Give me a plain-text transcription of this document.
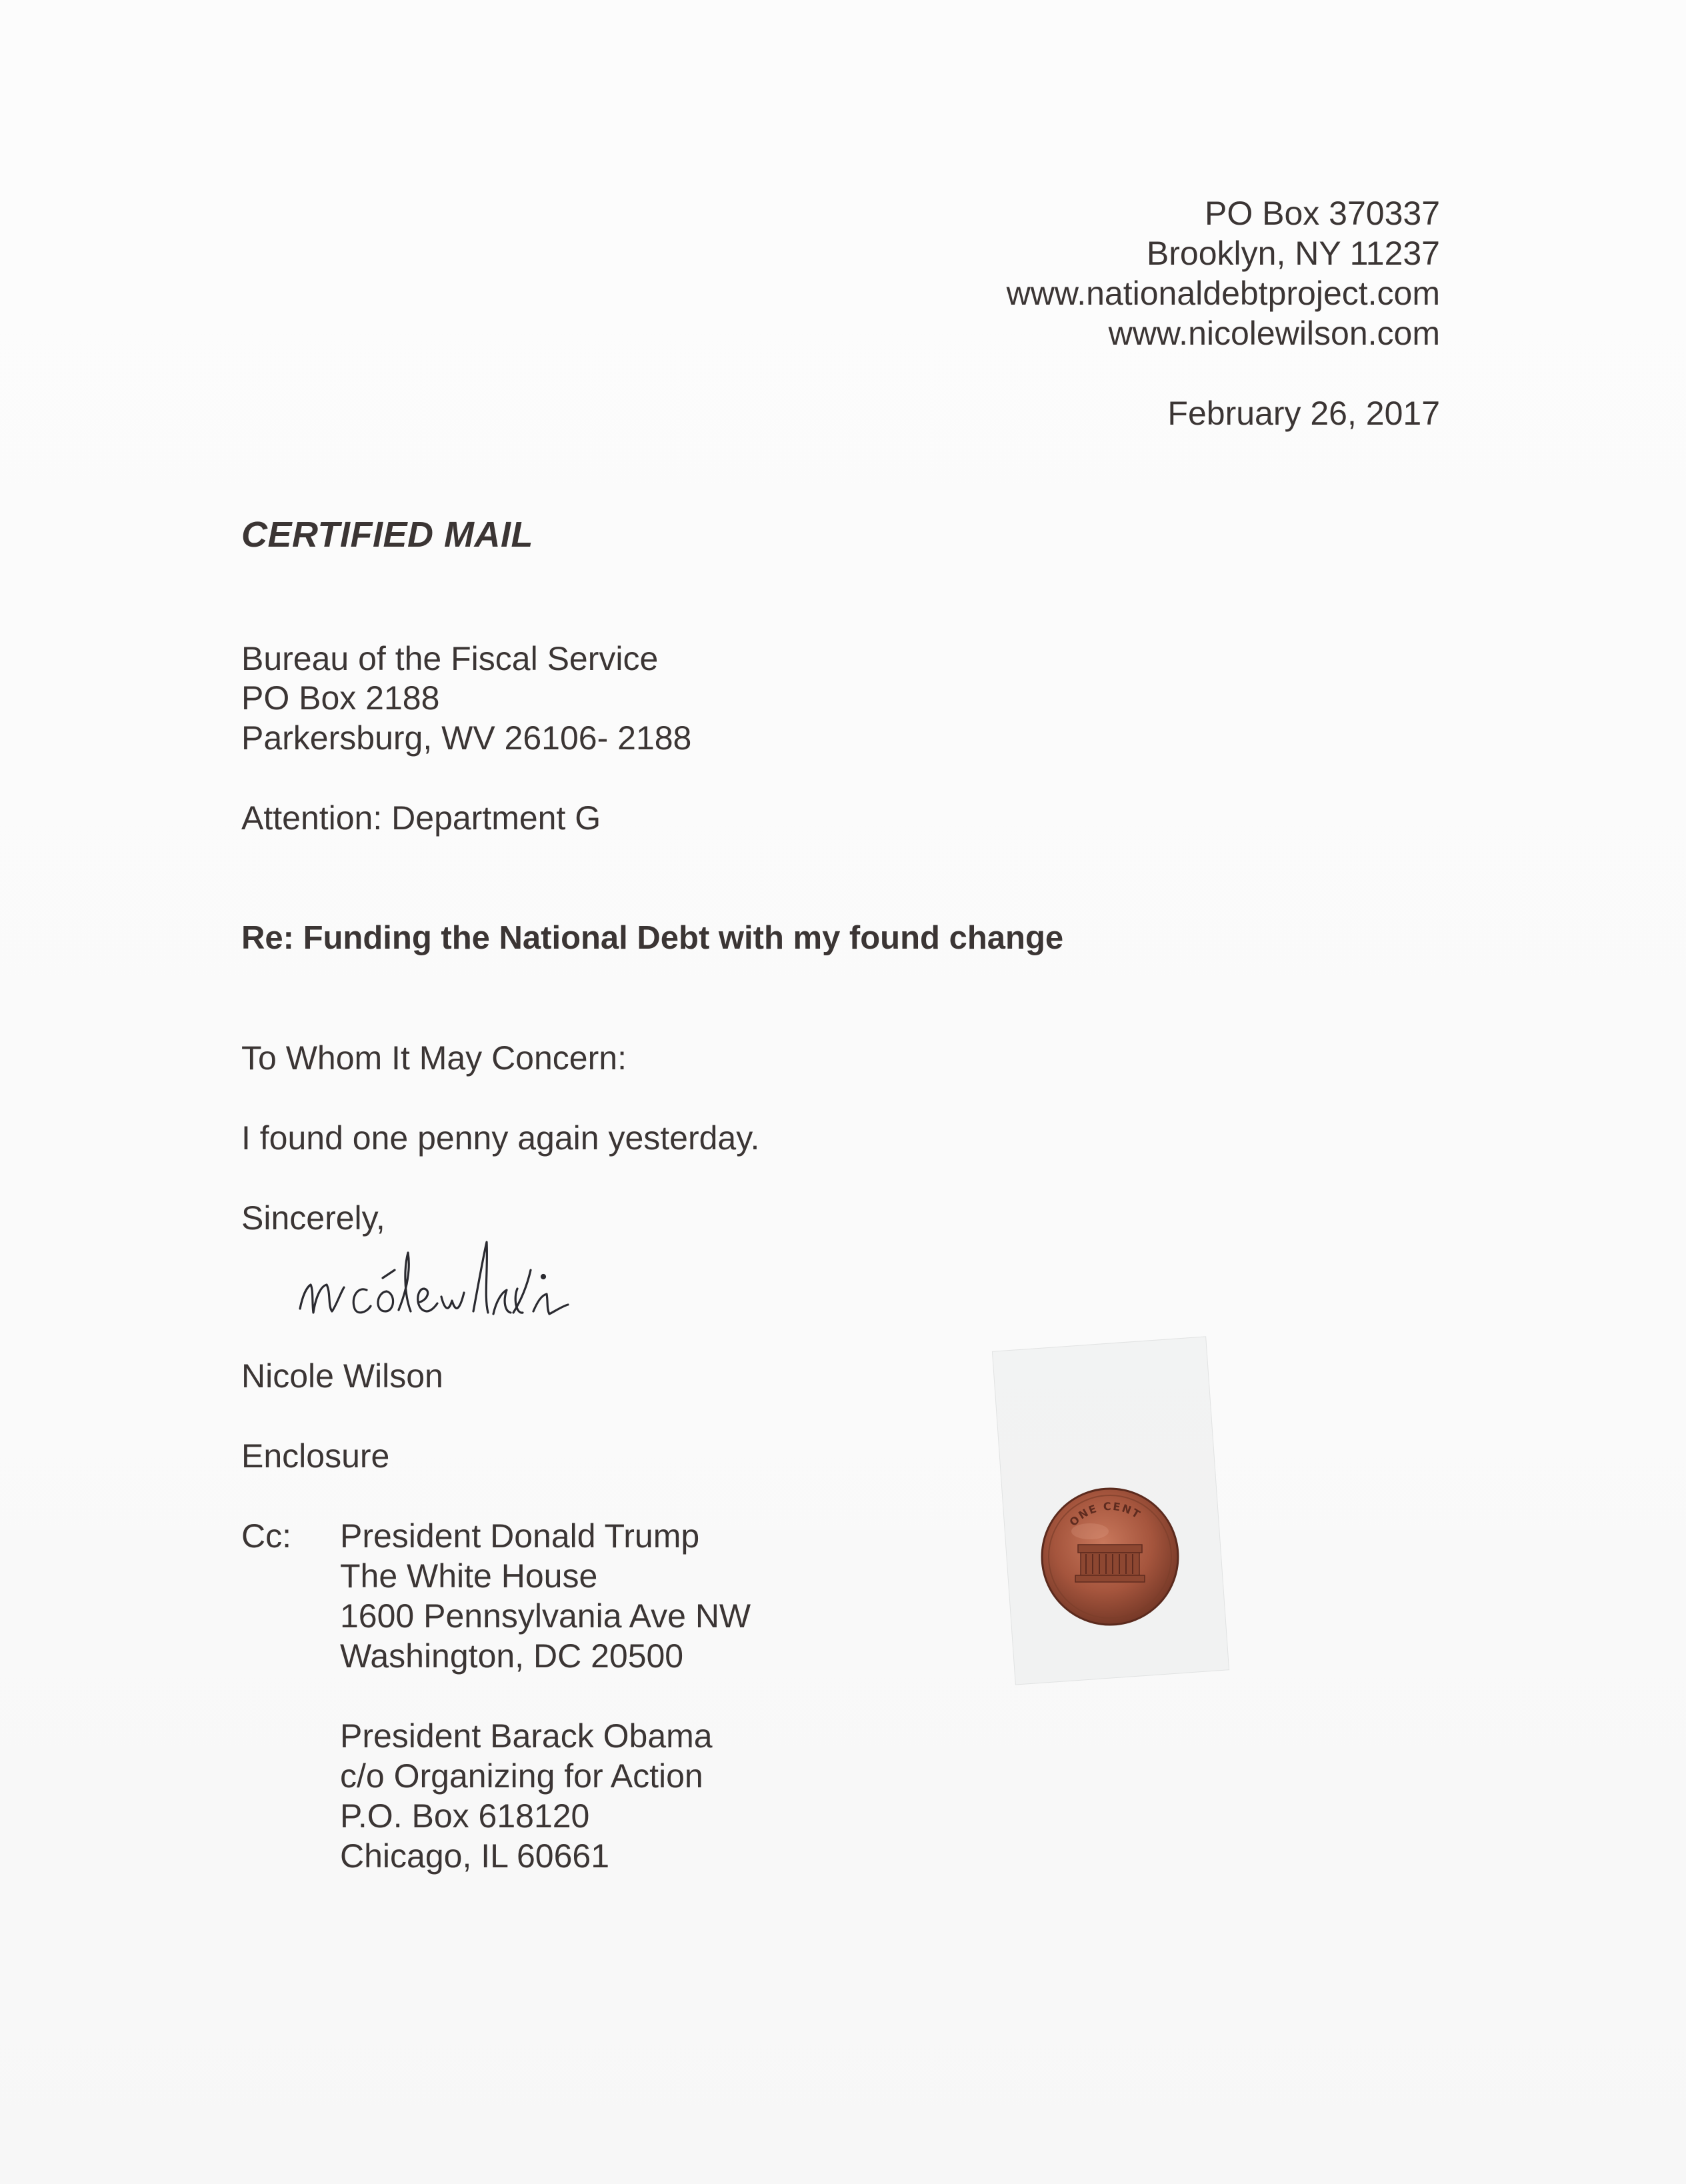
PO Box 370337
Brooklyn, NY 11237
www.nationaldebtproject.com
www.nicolewilson.com
February 26, 2017
CERTIFIED MAIL
Bureau of the Fiscal Service
PO Box 2188
Parkersburg, WV 26106- 2188
Attention: Department G
Re: Funding the National Debt with my found change
To Whom It May Concern:
I found one penny again yesterday.
Sincerely,
Nicole Wilson
Enclosure
Cc: President Donald Trump
The White House
1600 Pennsylvania Ave NW
Washington, DC 20500
President Barack Obama
c/o Organizing for Action
P.O. Box 618120
Chicago, IL 60661
ONE CENT
